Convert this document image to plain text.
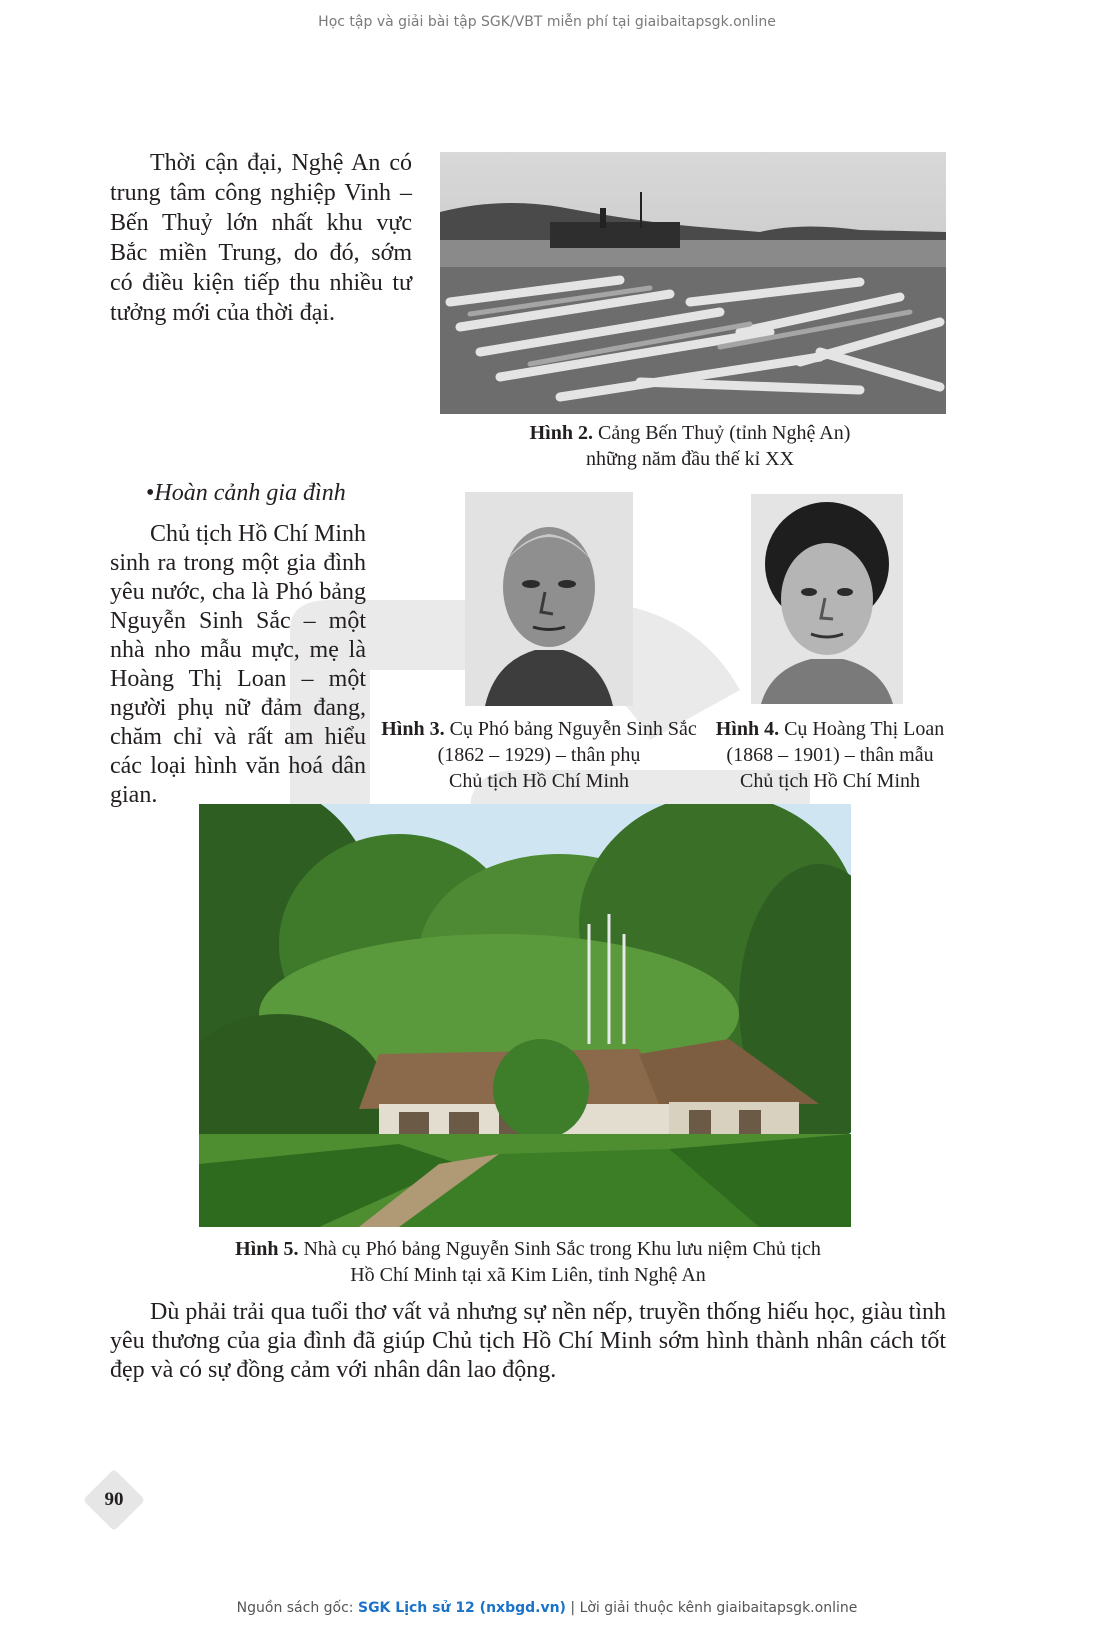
Học tập và giải bài tập SGK/VBT miễn phí tại giaibaitapsgk.online

Thời cận đại, Nghệ An có trung tâm công nghiệp Vinh – Bến Thuỷ lớn nhất khu vực Bắc miền Trung, do đó, sớm có điều kiện tiếp thu nhiều tư tưởng mới của thời đại.

Hình 2. Cảng Bến Thuỷ (tỉnh Nghệ An)
những năm đầu thế kỉ XX
•Hoàn cảnh gia đình

Chủ tịch Hồ Chí Minh sinh ra trong một gia đình yêu nước, cha là Phó bảng Nguyễn Sinh Sắc – một nhà nho mẫu mực, mẹ là Hoàng Thị Loan – một người phụ nữ đảm đang, chăm chỉ và rất am hiểu các loại hình văn hoá dân gian.

Hình 3. Cụ Phó bảng Nguyễn Sinh Sắc
(1862 – 1929) – thân phụ
Chủ tịch Hồ Chí Minh
Hình 4. Cụ Hoàng Thị Loan
(1868 – 1901) – thân mẫu
Chủ tịch Hồ Chí Minh
Hình 5. Nhà cụ Phó bảng Nguyễn Sinh Sắc trong Khu lưu niệm Chủ tịch
Hồ Chí Minh tại xã Kim Liên, tỉnh Nghệ An

Dù phải trải qua tuổi thơ vất vả nhưng sự nền nếp, truyền thống hiếu học, giàu tình yêu thương của gia đình đã giúp Chủ tịch Hồ Chí Minh sớm hình thành nhân cách tốt đẹp và có sự đồng cảm với nhân dân lao động.

90
Nguồn sách gốc: SGK Lịch sử 12 (nxbgd.vn) | Lời giải thuộc kênh giaibaitapsgk.online
